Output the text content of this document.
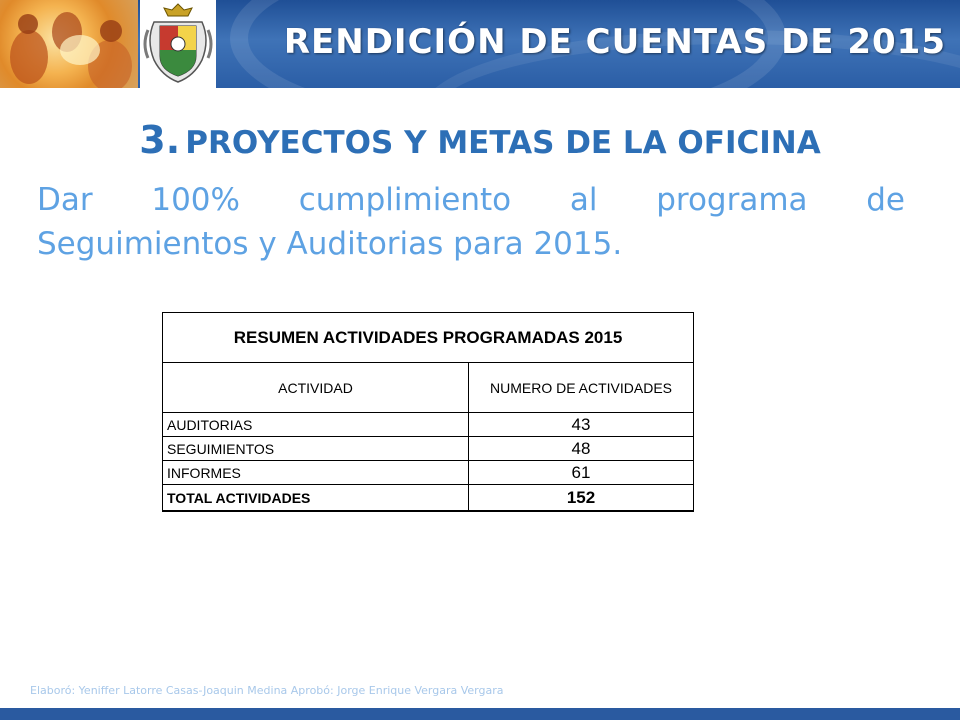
RENDICIÓN DE CUENTAS DE 2015
3. PROYECTOS Y METAS DE LA OFICINA
Dar 100% cumplimiento al programa de
Seguimientos y Auditorias para 2015.
RESUMEN ACTIVIDADES PROGRAMADAS 2015	
ACTIVIDAD	NUMERO DE ACTIVIDADES
AUDITORIAS	43
SEGUIMIENTOS	48
INFORMES	61
TOTAL ACTIVIDADES	152
Elaboró: Yeniffer Latorre Casas-Joaquin Medina Aprobó: Jorge Enrique Vergara Vergara
